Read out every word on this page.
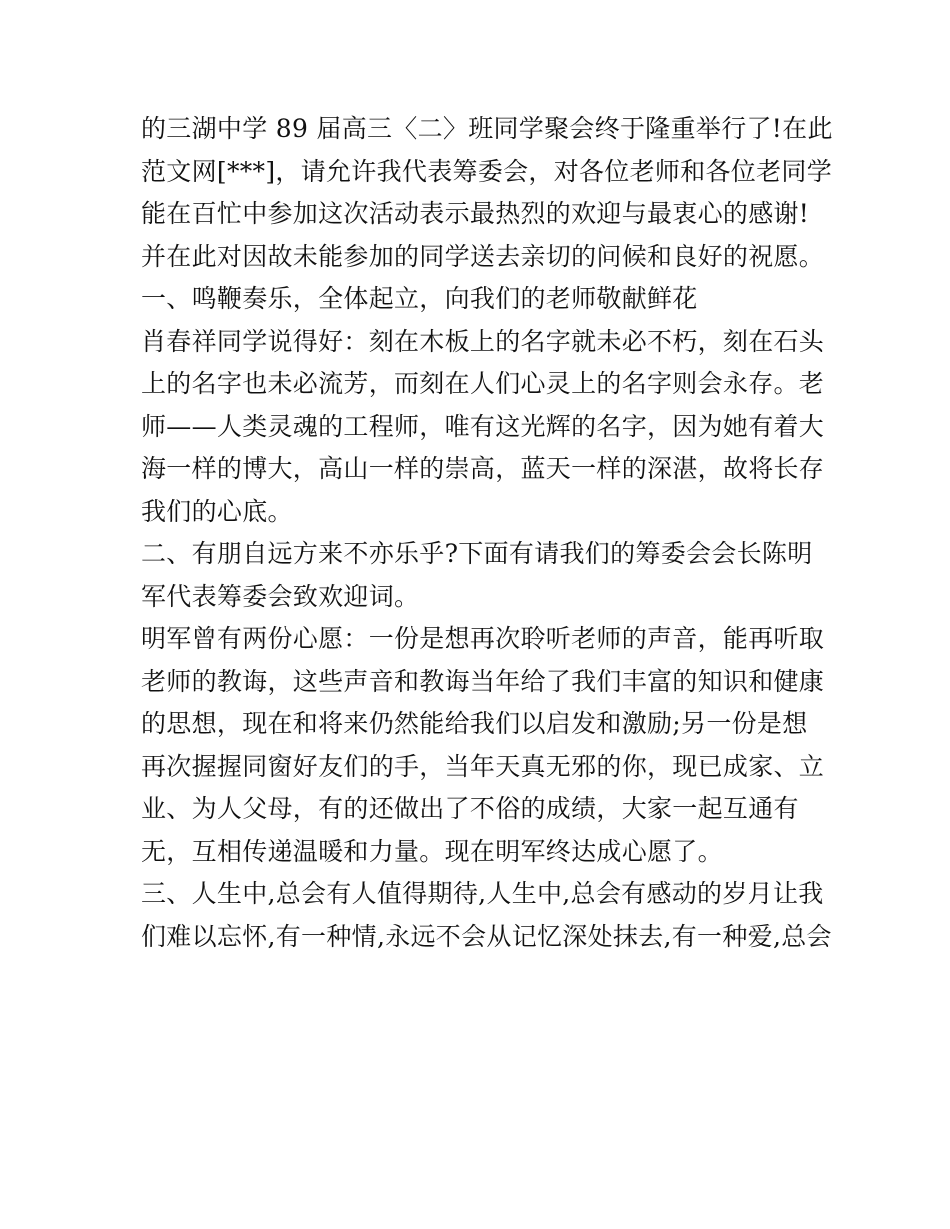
的三湖中学 89 届高三〈二〉班同学聚会终于隆重举行了!在此
范文网[***]，请允许我代表筹委会，对各位老师和各位老同学
能在百忙中参加这次活动表示最热烈的欢迎与最衷心的感谢!
并在此对因故未能参加的同学送去亲切的问候和良好的祝愿。
一、鸣鞭奏乐，全体起立，向我们的老师敬献鲜花
肖春祥同学说得好：刻在木板上的名字就未必不朽，刻在石头
上的名字也未必流芳，而刻在人们心灵上的名字则会永存。老
师——人类灵魂的工程师，唯有这光辉的名字，因为她有着大
海一样的博大，高山一样的崇高，蓝天一样的深湛，故将长存
我们的心底。
二、有朋自远方来不亦乐乎?下面有请我们的筹委会会长陈明
军代表筹委会致欢迎词。
明军曾有两份心愿：一份是想再次聆听老师的声音，能再听取
老师的教诲，这些声音和教诲当年给了我们丰富的知识和健康
的思想，现在和将来仍然能给我们以启发和激励;另一份是想
再次握握同窗好友们的手，当年天真无邪的你，现已成家、立
业、为人父母，有的还做出了不俗的成绩，大家一起互通有
无，互相传递温暖和力量。现在明军终达成心愿了。
三、人生中,总会有人值得期待,人生中,总会有感动的岁月让我
们难以忘怀,有一种情,永远不会从记忆深处抹去,有一种爱,总会
